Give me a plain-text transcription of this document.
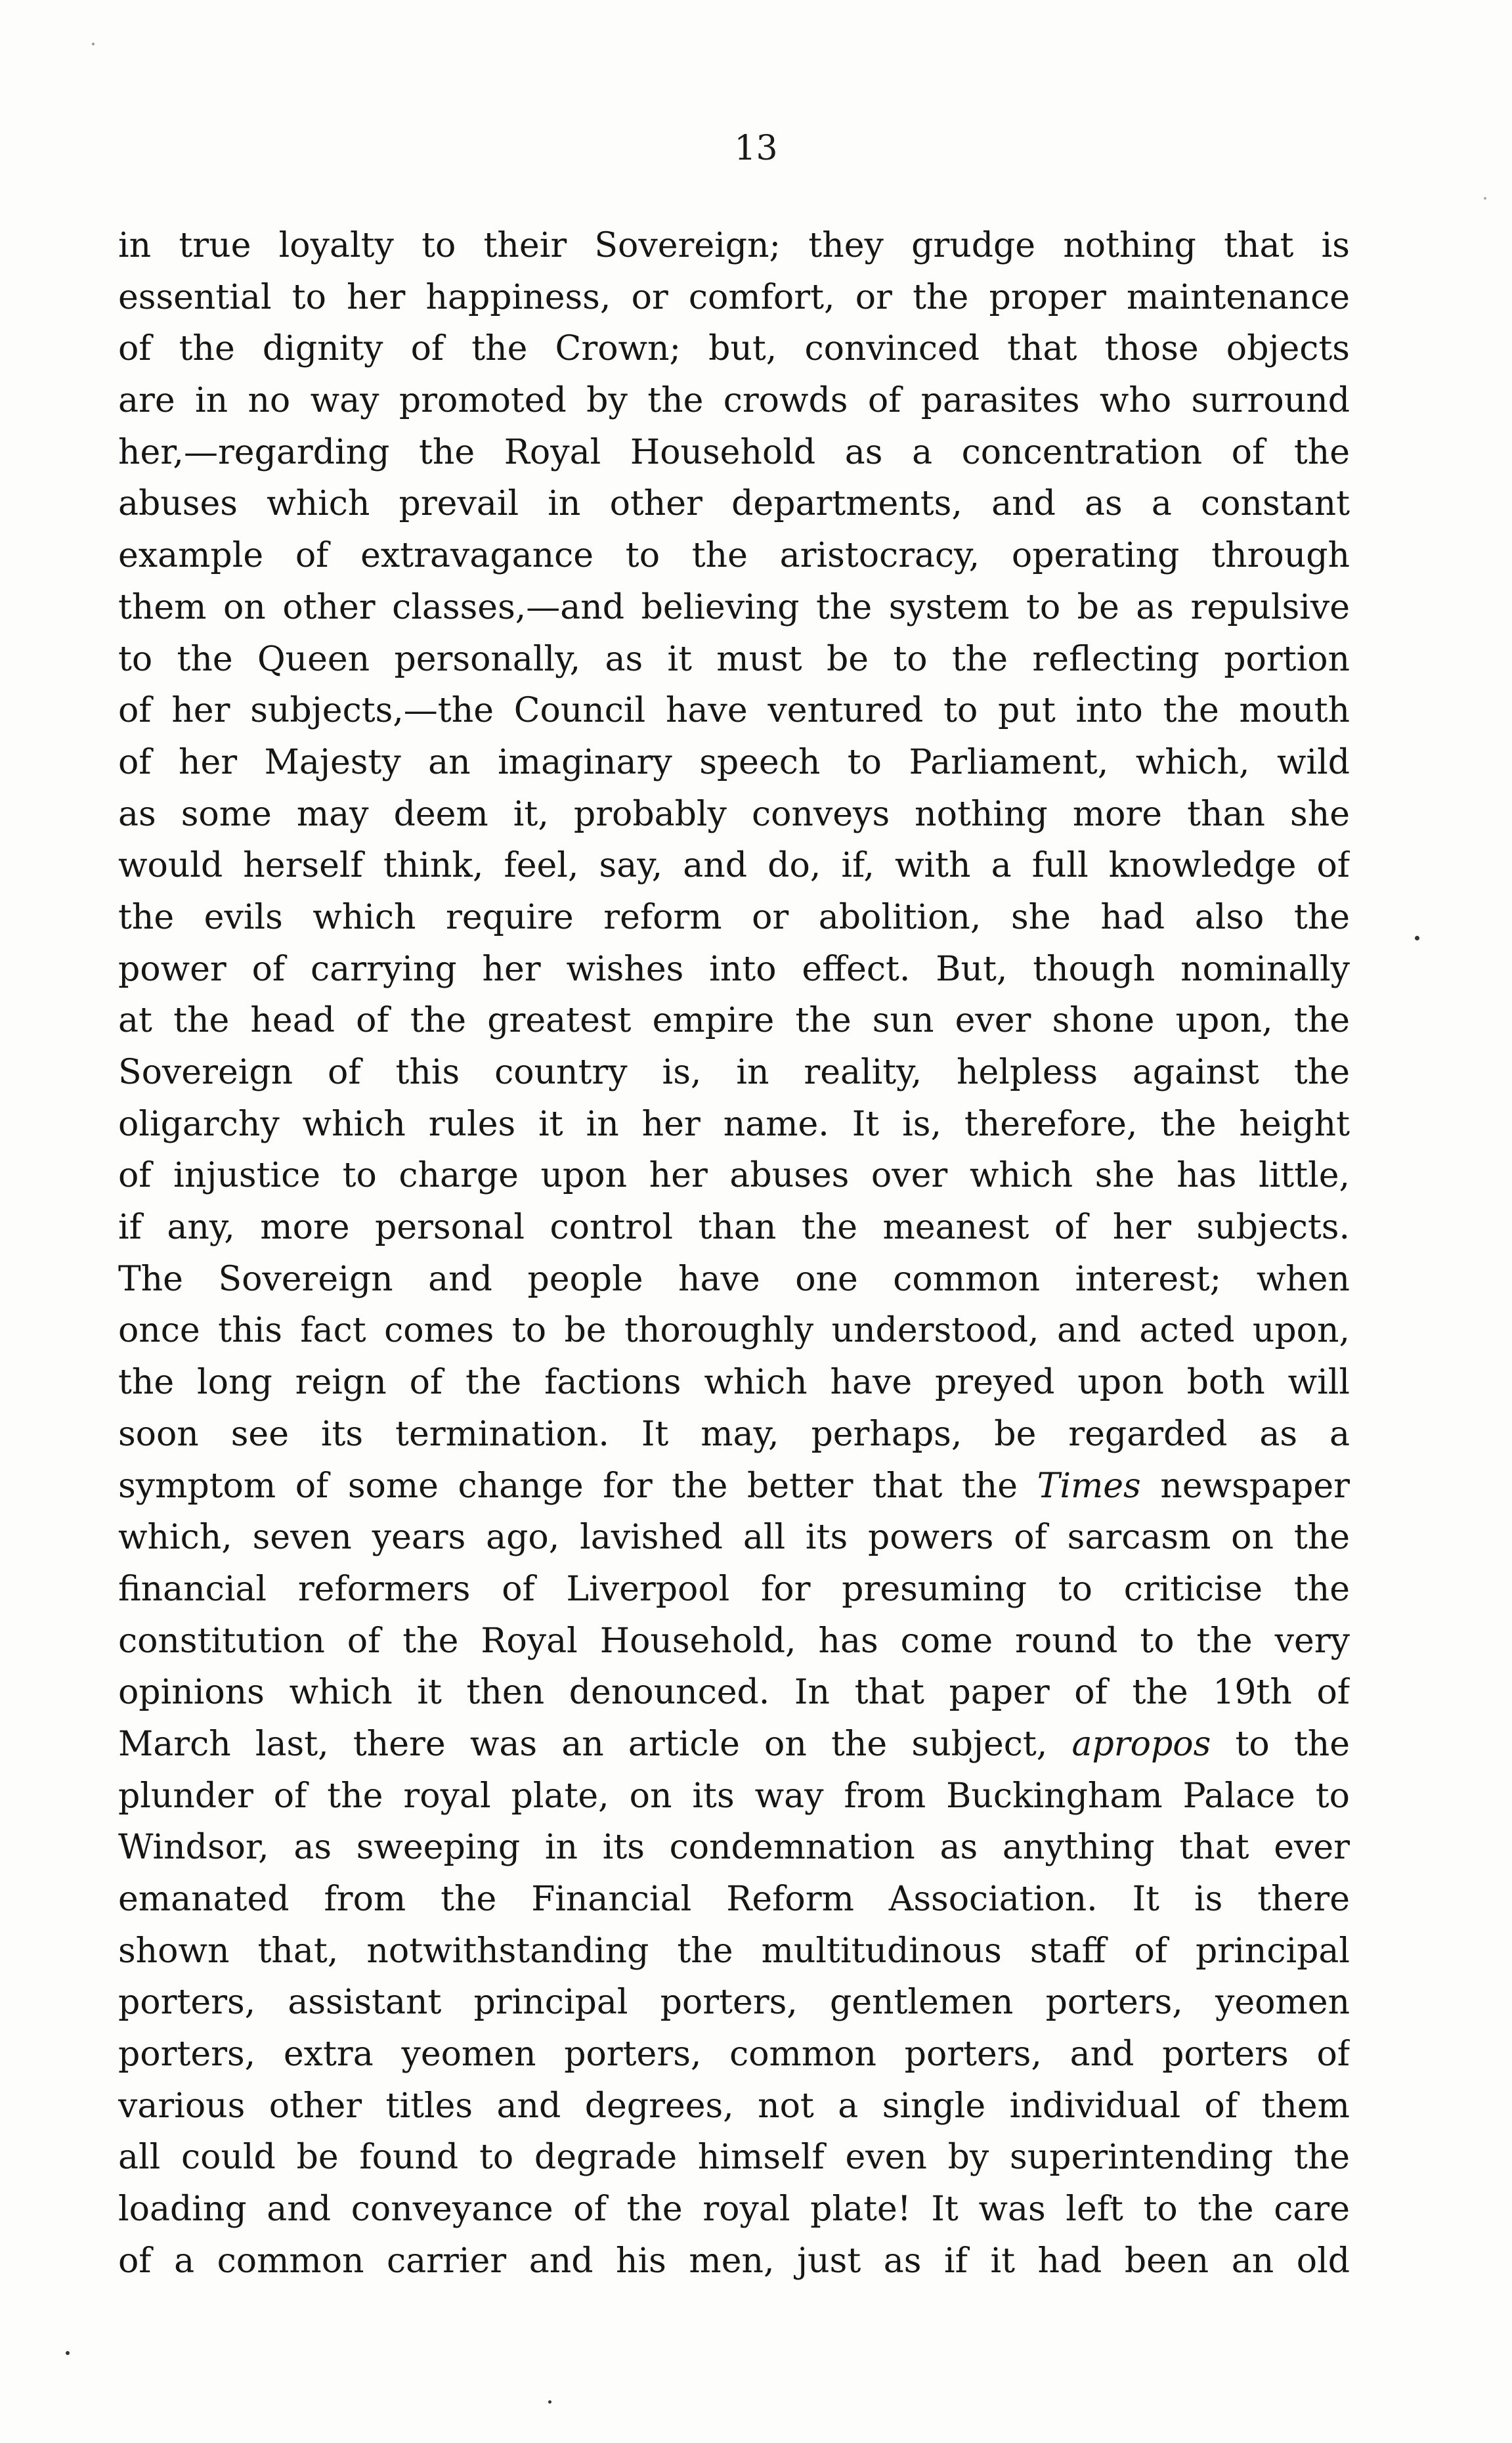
13
in true loyalty to their Sovereign; they grudge nothing that is
essential to her happiness, or comfort, or the proper maintenance
of the dignity of the Crown; but, convinced that those objects
are in no way promoted by the crowds of parasites who surround
her,—regarding the Royal Household as a concentration of the
abuses which prevail in other departments, and as a constant
example of extravagance to the aristocracy, operating through
them on other classes,—and believing the system to be as repulsive
to the Queen personally, as it must be to the reflecting portion
of her subjects,—the Council have ventured to put into the mouth
of her Majesty an imaginary speech to Parliament, which, wild
as some may deem it, probably conveys nothing more than she
would herself think, feel, say, and do, if, with a full knowledge of
the evils which require reform or abolition, she had also the
power of carrying her wishes into effect. But, though nominally
at the head of the greatest empire the sun ever shone upon, the
Sovereign of this country is, in reality, helpless against the
oligarchy which rules it in her name. It is, therefore, the height
of injustice to charge upon her abuses over which she has little,
if any, more personal control than the meanest of her subjects.
The Sovereign and people have one common interest; when
once this fact comes to be thoroughly understood, and acted upon,
the long reign of the factions which have preyed upon both will
soon see its termination. It may, perhaps, be regarded as a
symptom of some change for the better that the Times newspaper
which, seven years ago, lavished all its powers of sarcasm on the
financial reformers of Liverpool for presuming to criticise the
constitution of the Royal Household, has come round to the very
opinions which it then denounced. In that paper of the 19th of
March last, there was an article on the subject, apropos to the
plunder of the royal plate, on its way from Buckingham Palace to
Windsor, as sweeping in its condemnation as anything that ever
emanated from the Financial Reform Association. It is there
shown that, notwithstanding the multitudinous staff of principal
porters, assistant principal porters, gentlemen porters, yeomen
porters, extra yeomen porters, common porters, and porters of
various other titles and degrees, not a single individual of them
all could be found to degrade himself even by superintending the
loading and conveyance of the royal plate! It was left to the care
of a common carrier and his men, just as if it had been an old
